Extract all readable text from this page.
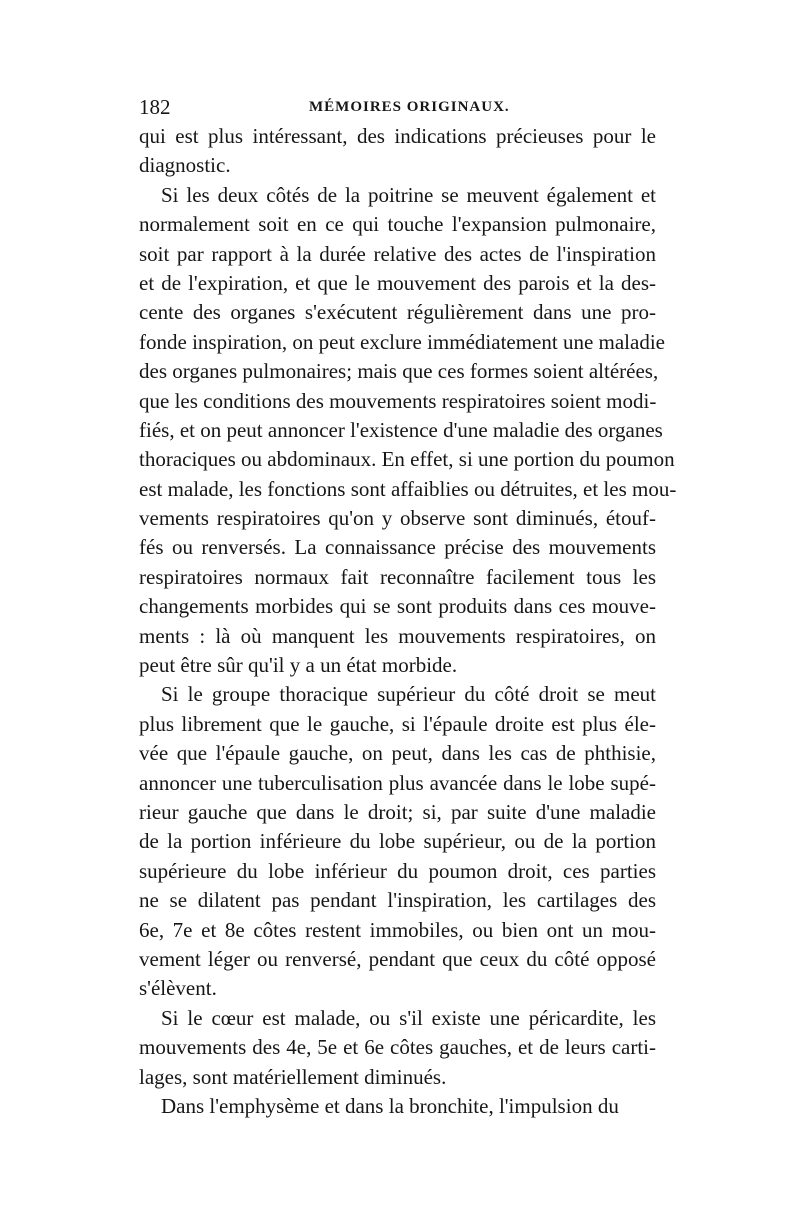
182	MÉMOIRES ORIGINAUX.
qui est plus intéressant, des indications précieuses pour le
diagnostic.
Si les deux côtés de la poitrine se meuvent également et
normalement soit en ce qui touche l'expansion pulmonaire,
soit par rapport à la durée relative des actes de l'inspiration
et de l'expiration, et que le mouvement des parois et la des-
cente des organes s'exécutent régulièrement dans une pro-
fonde inspiration, on peut exclure immédiatement une maladie
des organes pulmonaires; mais que ces formes soient altérées,
que les conditions des mouvements respiratoires soient modi-
fiés, et on peut annoncer l'existence d'une maladie des organes
thoraciques ou abdominaux. En effet, si une portion du poumon
est malade, les fonctions sont affaiblies ou détruites, et les mou-
vements respiratoires qu'on y observe sont diminués, étouf-
fés ou renversés. La connaissance précise des mouvements
respiratoires normaux fait reconnaître facilement tous les
changements morbides qui se sont produits dans ces mouve-
ments : là où manquent les mouvements respiratoires, on
peut être sûr qu'il y a un état morbide.
Si le groupe thoracique supérieur du côté droit se meut
plus librement que le gauche, si l'épaule droite est plus éle-
vée que l'épaule gauche, on peut, dans les cas de phthisie,
annoncer une tuberculisation plus avancée dans le lobe supé-
rieur gauche que dans le droit; si, par suite d'une maladie
de la portion inférieure du lobe supérieur, ou de la portion
supérieure du lobe inférieur du poumon droit, ces parties
ne se dilatent pas pendant l'inspiration, les cartilages des
6e, 7e et 8e côtes restent immobiles, ou bien ont un mou-
vement léger ou renversé, pendant que ceux du côté opposé
s'élèvent.
Si le cœur est malade, ou s'il existe une péricardite, les
mouvements des 4e, 5e et 6e côtes gauches, et de leurs carti-
lages, sont matériellement diminués.
Dans l'emphysème et dans la bronchite, l'impulsion du
